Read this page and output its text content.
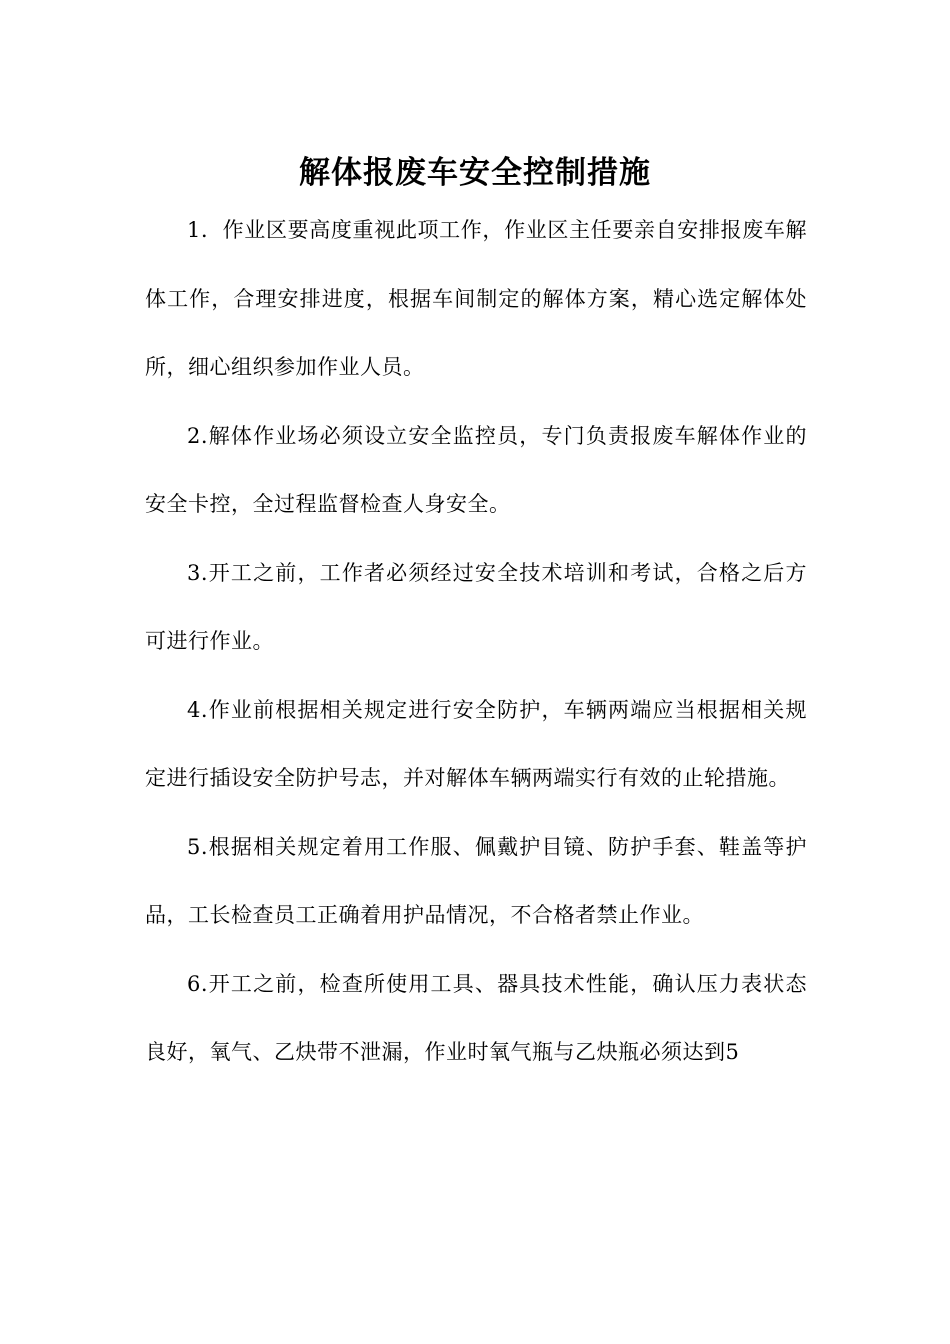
解体报废车安全控制措施

1．作业区要高度重视此项工作，作业区主任要亲自安排报废车解体工作，合理安排进度，根据车间制定的解体方案，精心选定解体处所，细心组织参加作业人员。

2.解体作业场必须设立安全监控员，专门负责报废车解体作业的安全卡控，全过程监督检查人身安全。

3.开工之前，工作者必须经过安全技术培训和考试，合格之后方可进行作业。

4.作业前根据相关规定进行安全防护，车辆两端应当根据相关规定进行插设安全防护号志，并对解体车辆两端实行有效的止轮措施。

5.根据相关规定着用工作服、佩戴护目镜、防护手套、鞋盖等护品，工长检查员工正确着用护品情况，不合格者禁止作业。

6.开工之前，检查所使用工具、器具技术性能，确认压力表状态良好，氧气、乙炔带不泄漏，作业时氧气瓶与乙炔瓶必须达到5
